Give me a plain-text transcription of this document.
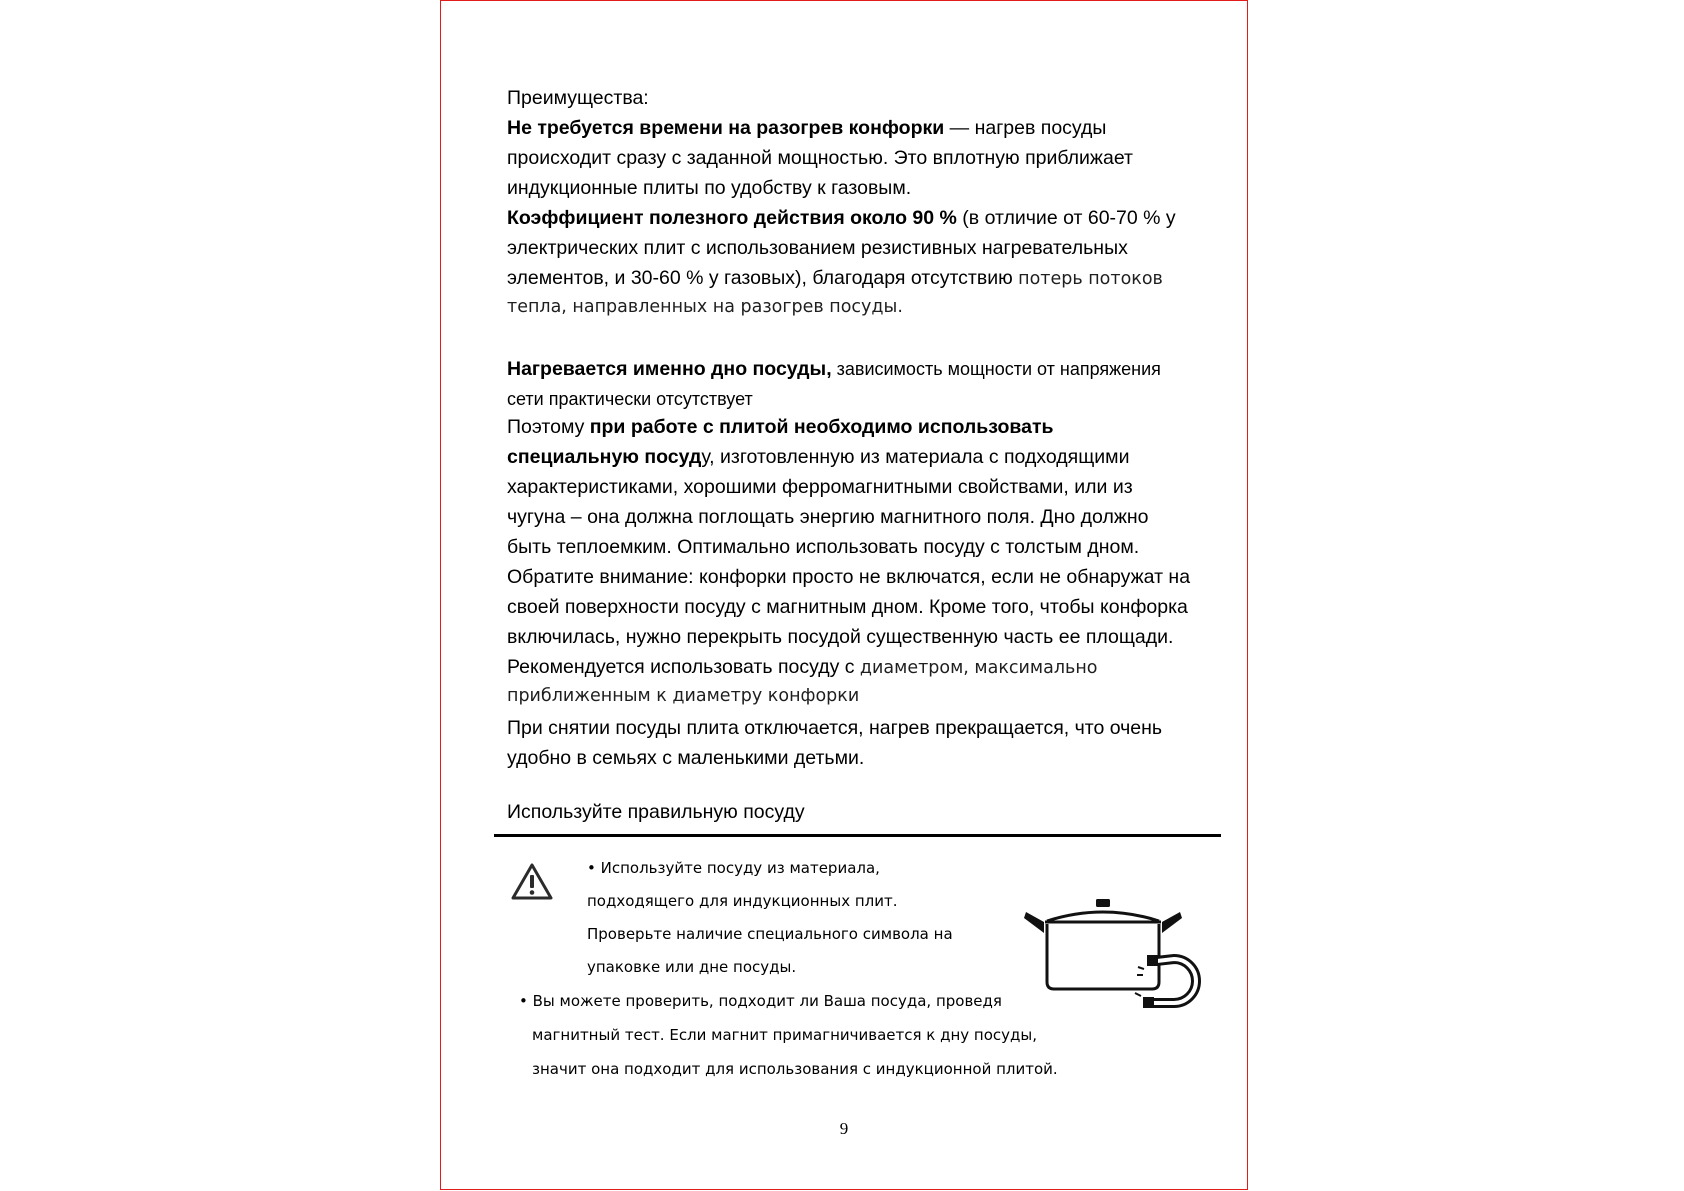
Преимущества:
Не требуется времени на разогрев конфорки — нагрев посуды
происходит сразу с заданной мощностью. Это вплотную приближает
индукционные плиты по удобству к газовым.
Коэффициент полезного действия около 90 % (в отличие от 60-70 % у
электрических плит с использованием резистивных нагревательных
элементов, и 30-60 % у газовых), благодаря отсутствию потерь потоков
тепла, направленных на разогрев посуды.
Нагревается именно дно посуды, зависимость мощности от напряжения
сети практически отсутствует
Поэтому при работе с плитой необходимо использовать
специальную посуду, изготовленную из материала с подходящими
характеристиками, хорошими ферромагнитными свойствами, или из
чугуна – она должна поглощать энергию магнитного поля. Дно должно
быть теплоемким. Оптимально использовать посуду с толстым дном.
Обратите внимание: конфорки просто не включатся, если не обнаружат на
своей поверхности посуду с магнитным дном. Кроме того, чтобы конфорка
включилась, нужно перекрыть посудой существенную часть ее площади.
Рекомендуется использовать посуду с диаметром, максимально
приближенным к диаметру конфорки
При снятии посуды плита отключается, нагрев прекращается, что очень
удобно в семьях с маленькими детьми.
Используйте правильную посуду
• Используйте посуду из материала,
подходящего для индукционных плит.
Проверьте наличие специального символа на
упаковке или дне посуды.
• Вы можете проверить, подходит ли Ваша посуда, проведя
магнитный тест. Если магнит примагничивается к дну посуды,
значит она подходит для использования с индукционной плитой.
9
